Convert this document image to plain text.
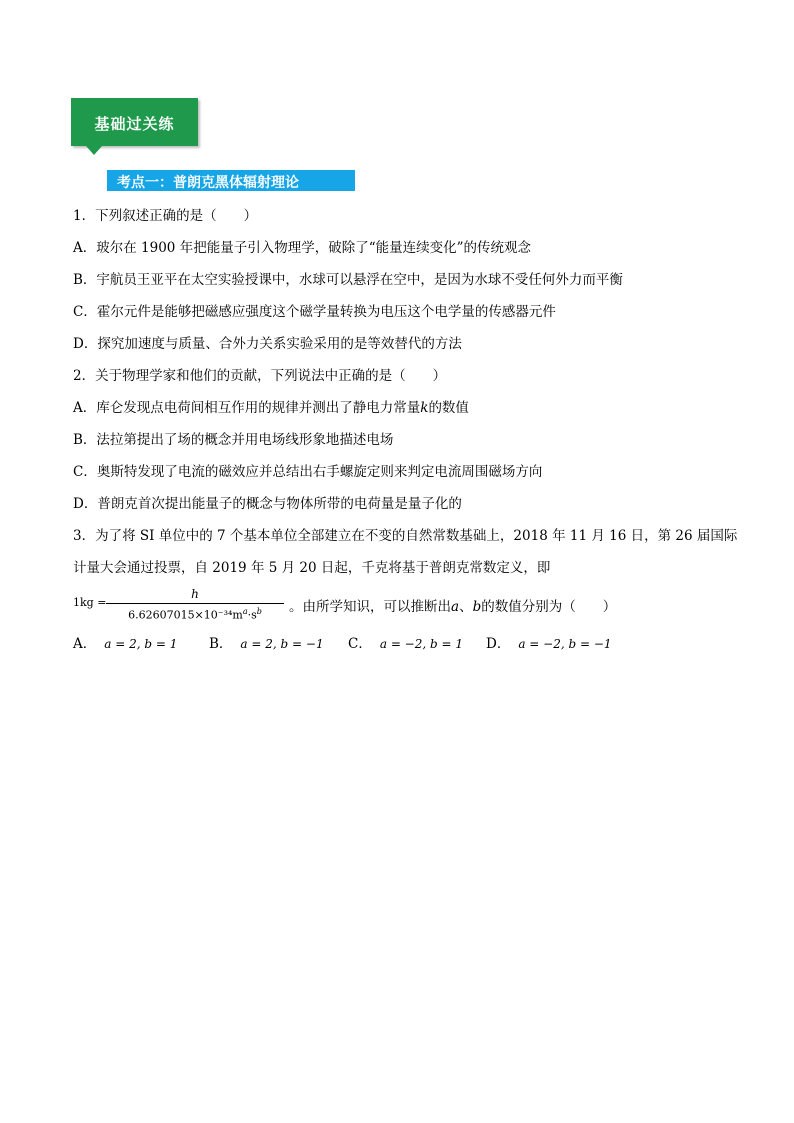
基础过关练
考点一：普朗克黑体辐射理论
1．下列叙述正确的是（　　）
A．玻尔在 1900 年把能量子引入物理学，破除了“能量连续变化”的传统观念
B．宇航员王亚平在太空实验授课中，水球可以悬浮在空中，是因为水球不受任何外力而平衡
C．霍尔元件是能够把磁感应强度这个磁学量转换为电压这个电学量的传感器元件
D．探究加速度与质量、合外力关系实验采用的是等效替代的方法
2．关于物理学家和他们的贡献，下列说法中正确的是（　　）
A．库仑发现点电荷间相互作用的规律并测出了静电力常量k的数值
B．法拉第提出了场的概念并用电场线形象地描述电场
C．奥斯特发现了电流的磁效应并总结出右手螺旋定则来判定电流周围磁场方向
D．普朗克首次提出能量子的概念与物体所带的电荷量是量子化的
3．为了将 SI 单位中的 7 个基本单位全部建立在不变的自然常数基础上，2018 年 11 月 16 日，第 26 届国际
计量大会通过投票，自 2019 年 5 月 20 日起，千克将基于普朗克常数定义，即
1kg =
h
$6.62607015\times 10^{-34}m^a\cdot s^b$	。由所学知识，可以推断出a、b的数值分别为（　　）
A． a = 2, b = 1 B． a = 2, b = −1 C． a = −2, b = 1 D． a = −2, b = −1
